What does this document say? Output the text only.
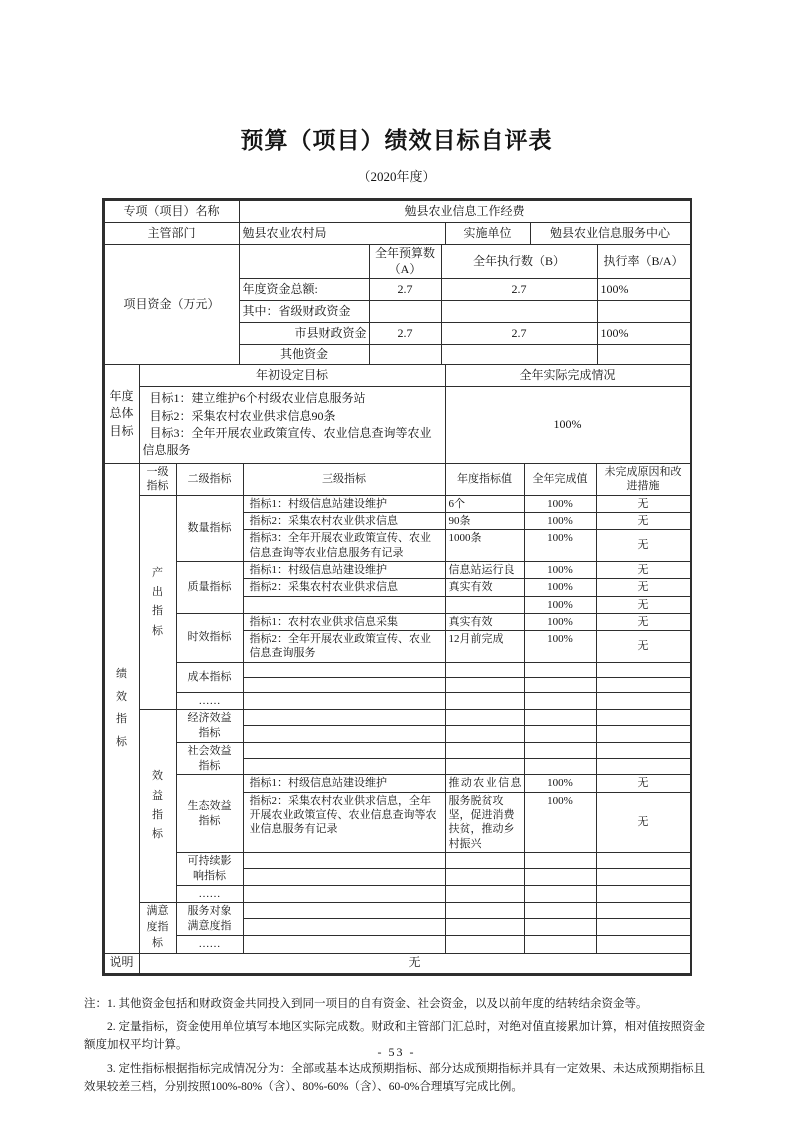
预算（项目）绩效目标自评表
（2020年度）
专项（项目）名称	勉县农业信息工作经费		
主管部门	勉县农业农村局	实施单位	勉县农业信息服务中心
项目资金（万元）		全年预算数（A）	全年执行数（B）	执行率（B/A）
	年度资金总额:	2.7	2.7	100%
	其中：省级财政资金			
	市县财政资金	2.7	2.7	100%
	其他资金			
年度总体目标	年初设定目标	全年实际完成情况

	目标1：建立维护6个村级农业信息服务站
目标2：采集农村农业供求信息90条
目标3：全年开展农业政策宣传、农业信息查询等农业信息服务	100%
绩效指标	一级指标	二级指标	三级指标	年度指标值	全年完成值	未完成原因和改进措施

	产出指标	数量指标	指标1：村级信息站建设维护	6个	100%	无
			指标2：采集农村农业供求信息	90条	100%	无
			指标3：全年开展农业政策宣传、农业信息查询等农业信息服务有记录	1000条	100%	无
		质量指标	指标1：村级信息站建设维护	信息站运行良	100%	无
			指标2：采集农村农业供求信息	真实有效	100%	无
					100%	无
		时效指标	指标1：农村农业供求信息采集	真实有效	100%	无
			指标2：全年开展农业政策宣传、农业信息查询服务	12月前完成	100%	无
		成本指标				

		……				

	效益指标	经济效益指标				

		社会效益指标				

		生态效益指标	指标1：村级信息站建设维护	推动农业信息	100%	无
			指标2：采集农村农业供求信息，全年开展农业政策宣传、农业信息查询等农业信息服务有记录	服务脱贫攻 坚，促进消费扶贫，推动乡村振兴	100%	无
		可持续影响指标				

		……				
	满意度指标	服务对象满意度指				

		……				
说明	无

注：1. 其他资金包括和财政资金共同投入到同一项目的自有资金、社会资金，以及以前年度的结转结余资金等。

2. 定量指标，资金使用单位填写本地区实际完成数。财政和主管部门汇总时，对绝对值直接累加计算，相对值按照资金额度加权平均计算。

3. 定性指标根据指标完成情况分为：全部或基本达成预期指标、部分达成预期指标并具有一定效果、未达成预期指标且效果较差三档，分别按照100%-80%（含）、80%-60%（含）、60-0%合理填写完成比例。

- 53 -
